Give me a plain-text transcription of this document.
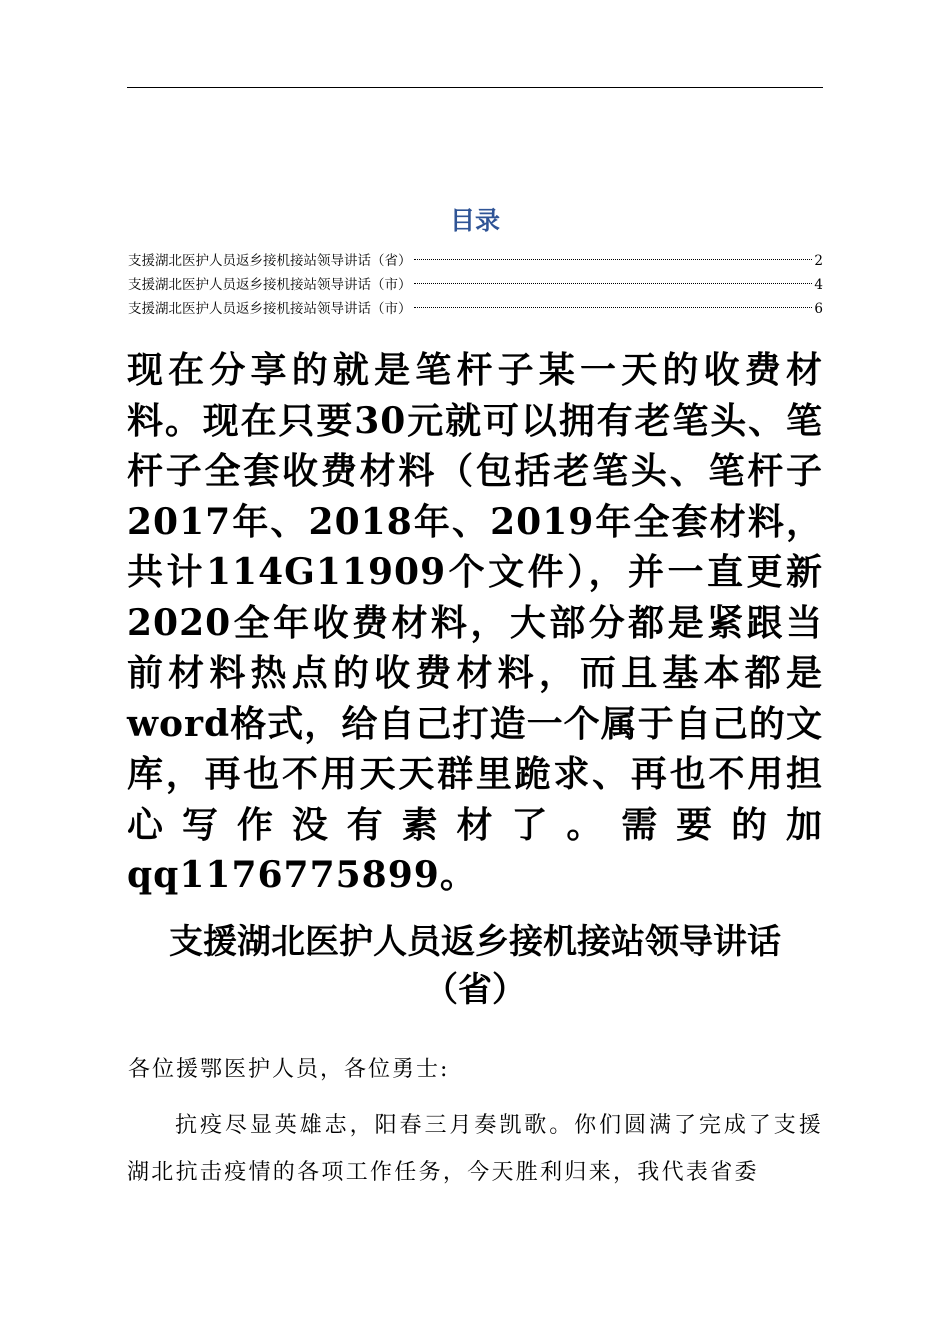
目录
支援湖北医护人员返乡接机接站领导讲话（省）	2
支援湖北医护人员返乡接机接站领导讲话（市）	4
支援湖北医护人员返乡接机接站领导讲话（市）	6

现在分享的就是笔杆子某一天的收费材料。现在只要30元就可以拥有老笔头、笔杆子全套收费材料（包括老笔头、笔杆子2017年、2018年、2019年全套材料，共计114G11909个文件），并一直更新2020全年收费材料，大部分都是紧跟当前材料热点的收费材料，而且基本都是word格式，给自己打造一个属于自己的文库，再也不用天天群里跪求、再也不用担心写作没有素材了。需要的加qq1176775899。

支援湖北医护人员返乡接机接站领导讲话
（省）
各位援鄂医护人员，各位勇士:

抗疫尽显英雄志，阳春三月奏凯歌。你们圆满了完成了支援湖北抗击疫情的各项工作任务，今天胜利归来，我代表省委
